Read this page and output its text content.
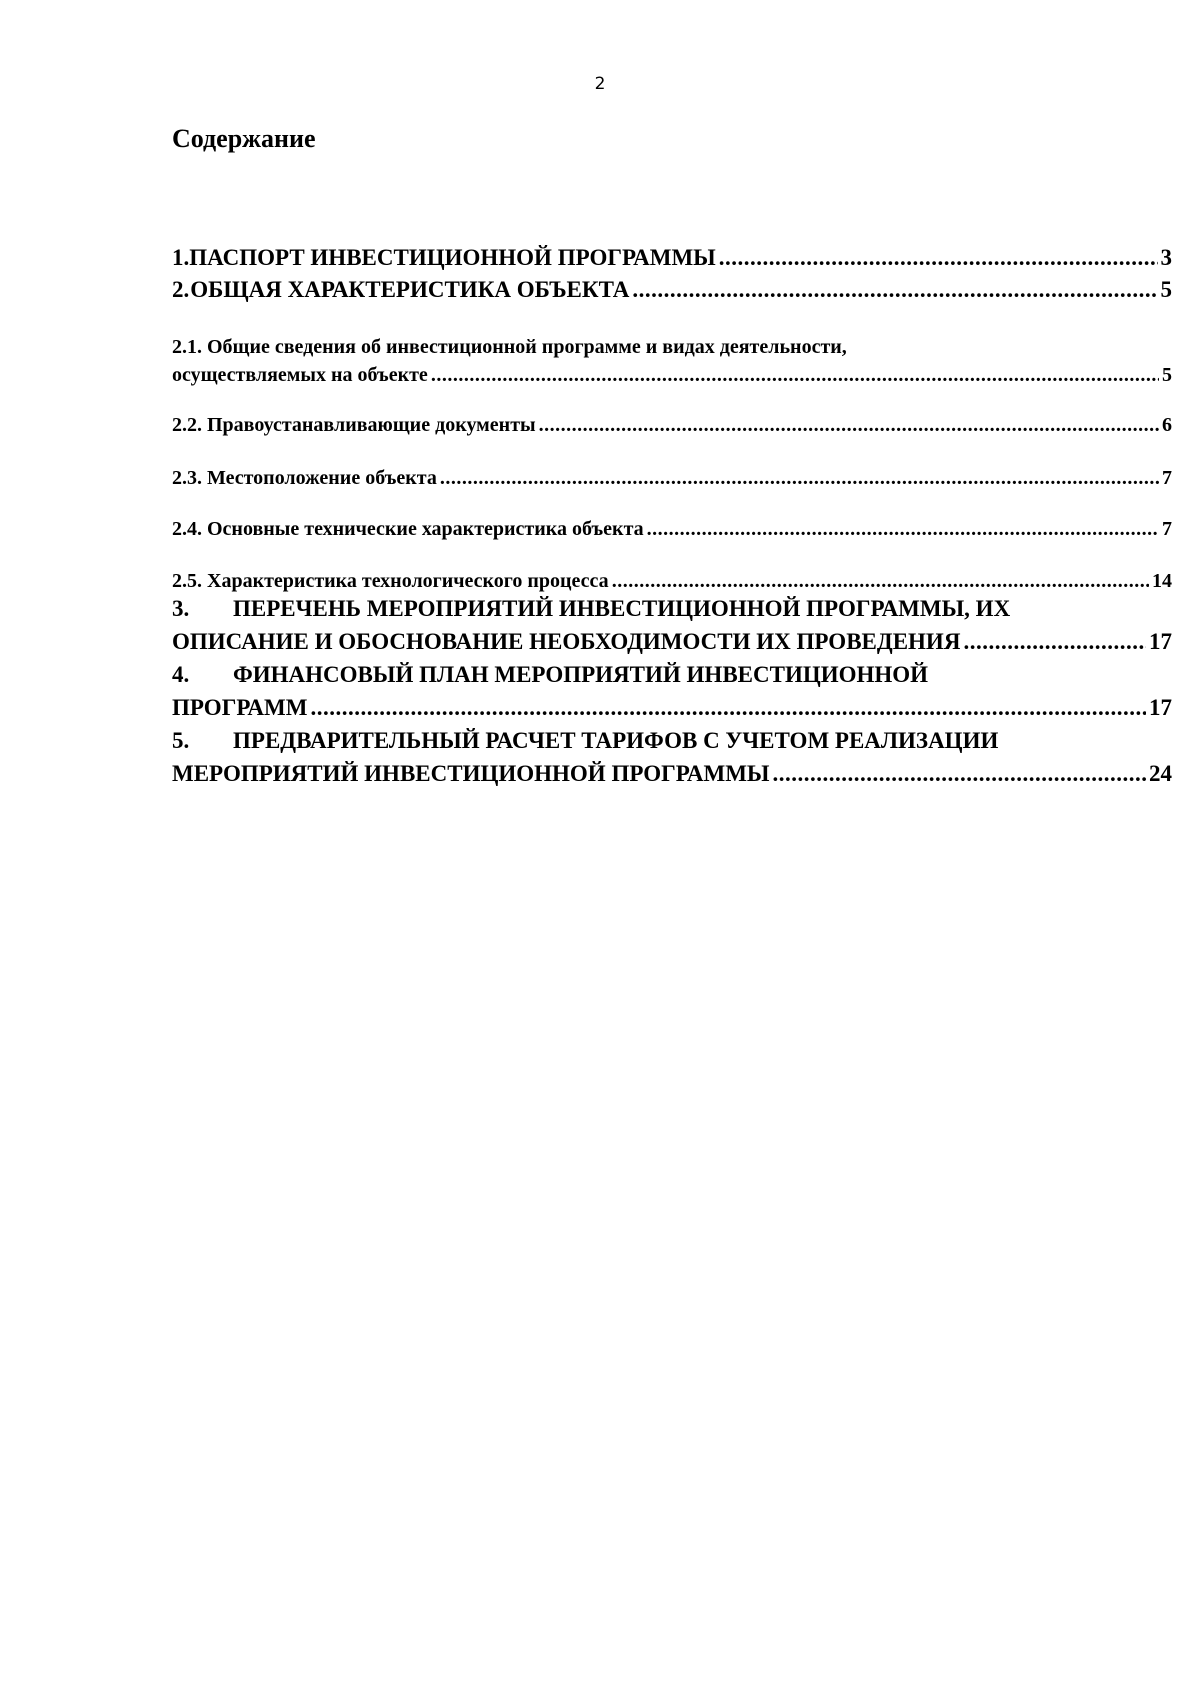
2
Содержание
1. ПАСПОРТ ИНВЕСТИЦИОННОЙ ПРОГРАММЫ .....	3
2. ОБЩАЯ ХАРАКТЕРИСТИКА ОБЪЕКТА .....	5
2.1. Общие сведения об инвестиционной программе и видах деятельности,
осуществляемых на объекте .....	5
2.2. Правоустанавливающие документы .....	6
2.3. Местоположение объекта .....	7
2.4. Основные технические характеристика объекта .....	7
2.5. Характеристика технологического процесса .....	14
3.	ПЕРЕЧЕНЬ МЕРОПРИЯТИЙ ИНВЕСТИЦИОННОЙ ПРОГРАММЫ, ИХ
ОПИСАНИЕ И ОБОСНОВАНИЕ НЕОБХОДИМОСТИ ИХ ПРОВЕДЕНИЯ .....	17
4.	ФИНАНСОВЫЙ ПЛАН МЕРОПРИЯТИЙ ИНВЕСТИЦИОННОЙ
ПРОГРАММ .....	17
5.	ПРЕДВАРИТЕЛЬНЫЙ РАСЧЕТ ТАРИФОВ С УЧЕТОМ РЕАЛИЗАЦИИ
МЕРОПРИЯТИЙ ИНВЕСТИЦИОННОЙ ПРОГРАММЫ .....	24
